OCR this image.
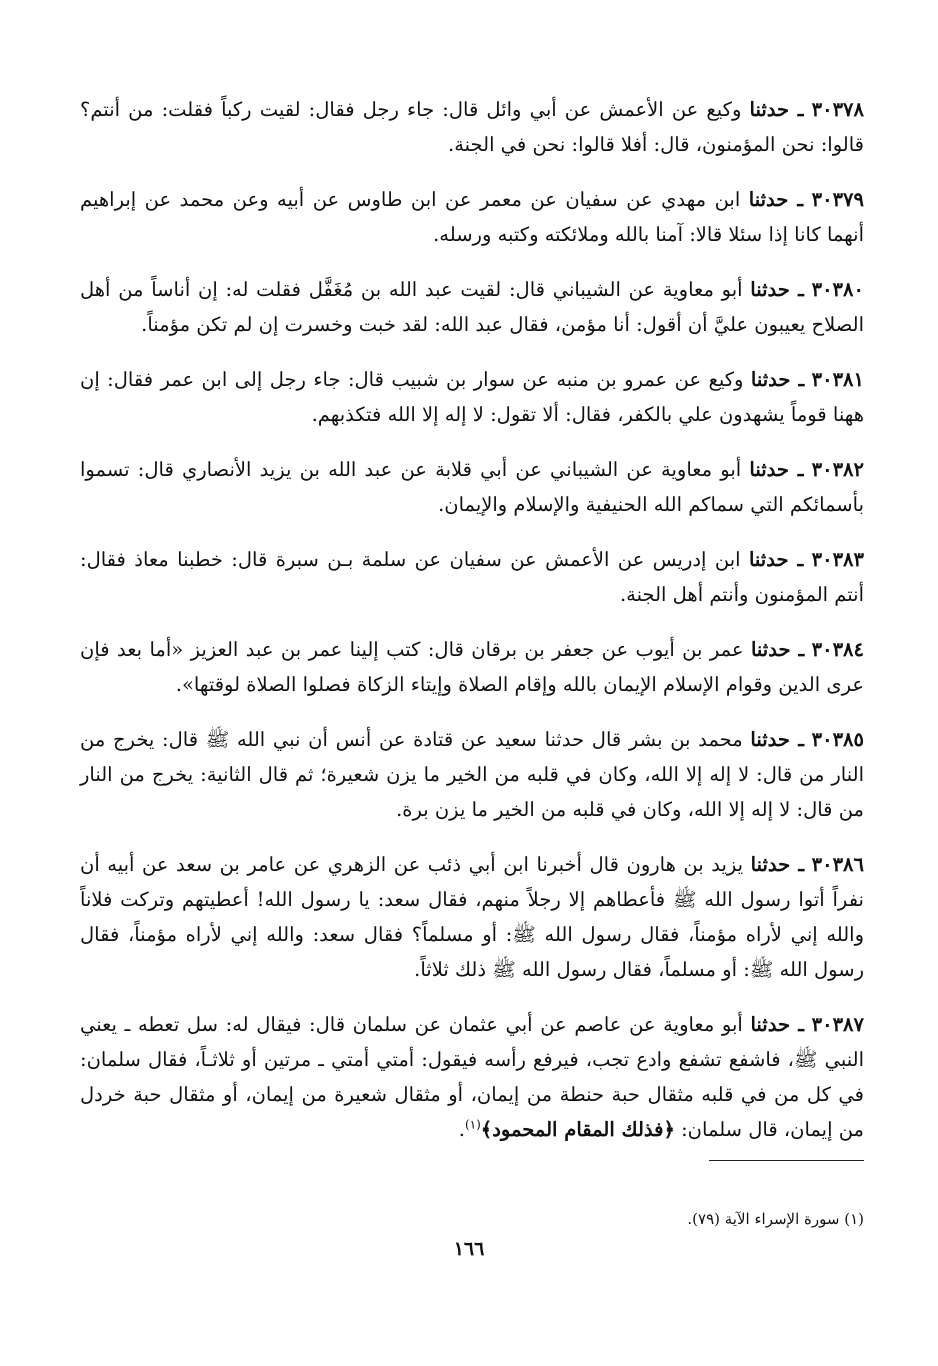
٣٠٣٧٨ ـ حدثنا وكيع عن الأعمش عن أبي وائل قال: جاء رجل فقال: لقيت ركباً فقلت: من أنتم؟ قالوا: نحن المؤمنون، قال: أفلا قالوا: نحن في الجنة.

٣٠٣٧٩ ـ حدثنا ابن مهدي عن سفيان عن معمر عن ابن طاوس عن أبيه وعن محمد عن إبراهيم أنهما كانا إذا سئلا قالا: آمنا بالله وملائكته وكتبه ورسله.

٣٠٣٨٠ ـ حدثنا أبو معاوية عن الشيباني قال: لقيت عبد الله بن مُغَفَّل فقلت له: إن أناساً من أهل الصلاح يعيبون عليَّ أن أقول: أنا مؤمن، فقال عبد الله: لقد خبت وخسرت إن لم تكن مؤمناً.

٣٠٣٨١ ـ حدثنا وكيع عن عمرو بن منبه عن سوار بن شبيب قال: جاء رجل إلى ابن عمر فقال: إن ههنا قوماً يشهدون علي بالكفر، فقال: ألا تقول: لا إله إلا الله فتكذبهم.

٣٠٣٨٢ ـ حدثنا أبو معاوية عن الشيباني عن أبي قلابة عن عبد الله بن يزيد الأنصاري قال: تسموا بأسمائكم التي سماكم الله الحنيفية والإسلام والإيمان.

٣٠٣٨٣ ـ حدثنا ابن إدريس عن الأعمش عن سفيان عن سلمة بـن سبرة قال: خطبنا معاذ فقال: أنتم المؤمنون وأنتم أهل الجنة.

٣٠٣٨٤ ـ حدثنا عمر بن أيوب عن جعفر بن برقان قال: كتب إلينا عمر بن عبد العزيز «أما بعد فإن عرى الدين وقوام الإسلام الإيمان بالله وإقام الصلاة وإيتاء الزكاة فصلوا الصلاة لوقتها».

٣٠٣٨٥ ـ حدثنا محمد بن بشر قال حدثنا سعيد عن قتادة عن أنس أن نبي الله ﷺ قال: يخرج من النار من قال: لا إله إلا الله، وكان في قلبه من الخير ما يزن شعيرة؛ ثم قال الثانية: يخرج من النار من قال: لا إله إلا الله، وكان في قلبه من الخير ما يزن برة.

٣٠٣٨٦ ـ حدثنا يزيد بن هارون قال أخبرنا ابن أبي ذئب عن الزهري عن عامر بن سعد عن أبيه أن نفراً أتوا رسول الله ﷺ فأعطاهم إلا رجلاً منهم، فقال سعد: يا رسول الله! أعطيتهم وتركت فلاناً والله إني لأراه مؤمناً، فقال رسول الله ﷺ: أو مسلماً؟ فقال سعد: والله إني لأراه مؤمناً، فقال رسول الله ﷺ: أو مسلماً، فقال رسول الله ﷺ ذلك ثلاثاً.

٣٠٣٨٧ ـ حدثنا أبو معاوية عن عاصم عن أبي عثمان عن سلمان قال: فيقال له: سل تعطه ـ يعني النبي ﷺ، فاشفع تشفع وادع تجب، فيرفع رأسه فيقول: أمتي أمتي ـ مرتين أو ثلاثـاً، فقال سلمان: في كل من في قلبه مثقال حبة حنطة من إيمان، أو مثقال شعيرة من إيمان، أو مثقال حبة خردل من إيمان، قال سلمان: ﴿فذلك المقام المحمود﴾$^{(١)}$.

(١) سورة الإسراء الآية (٧٩).
١٦٦
